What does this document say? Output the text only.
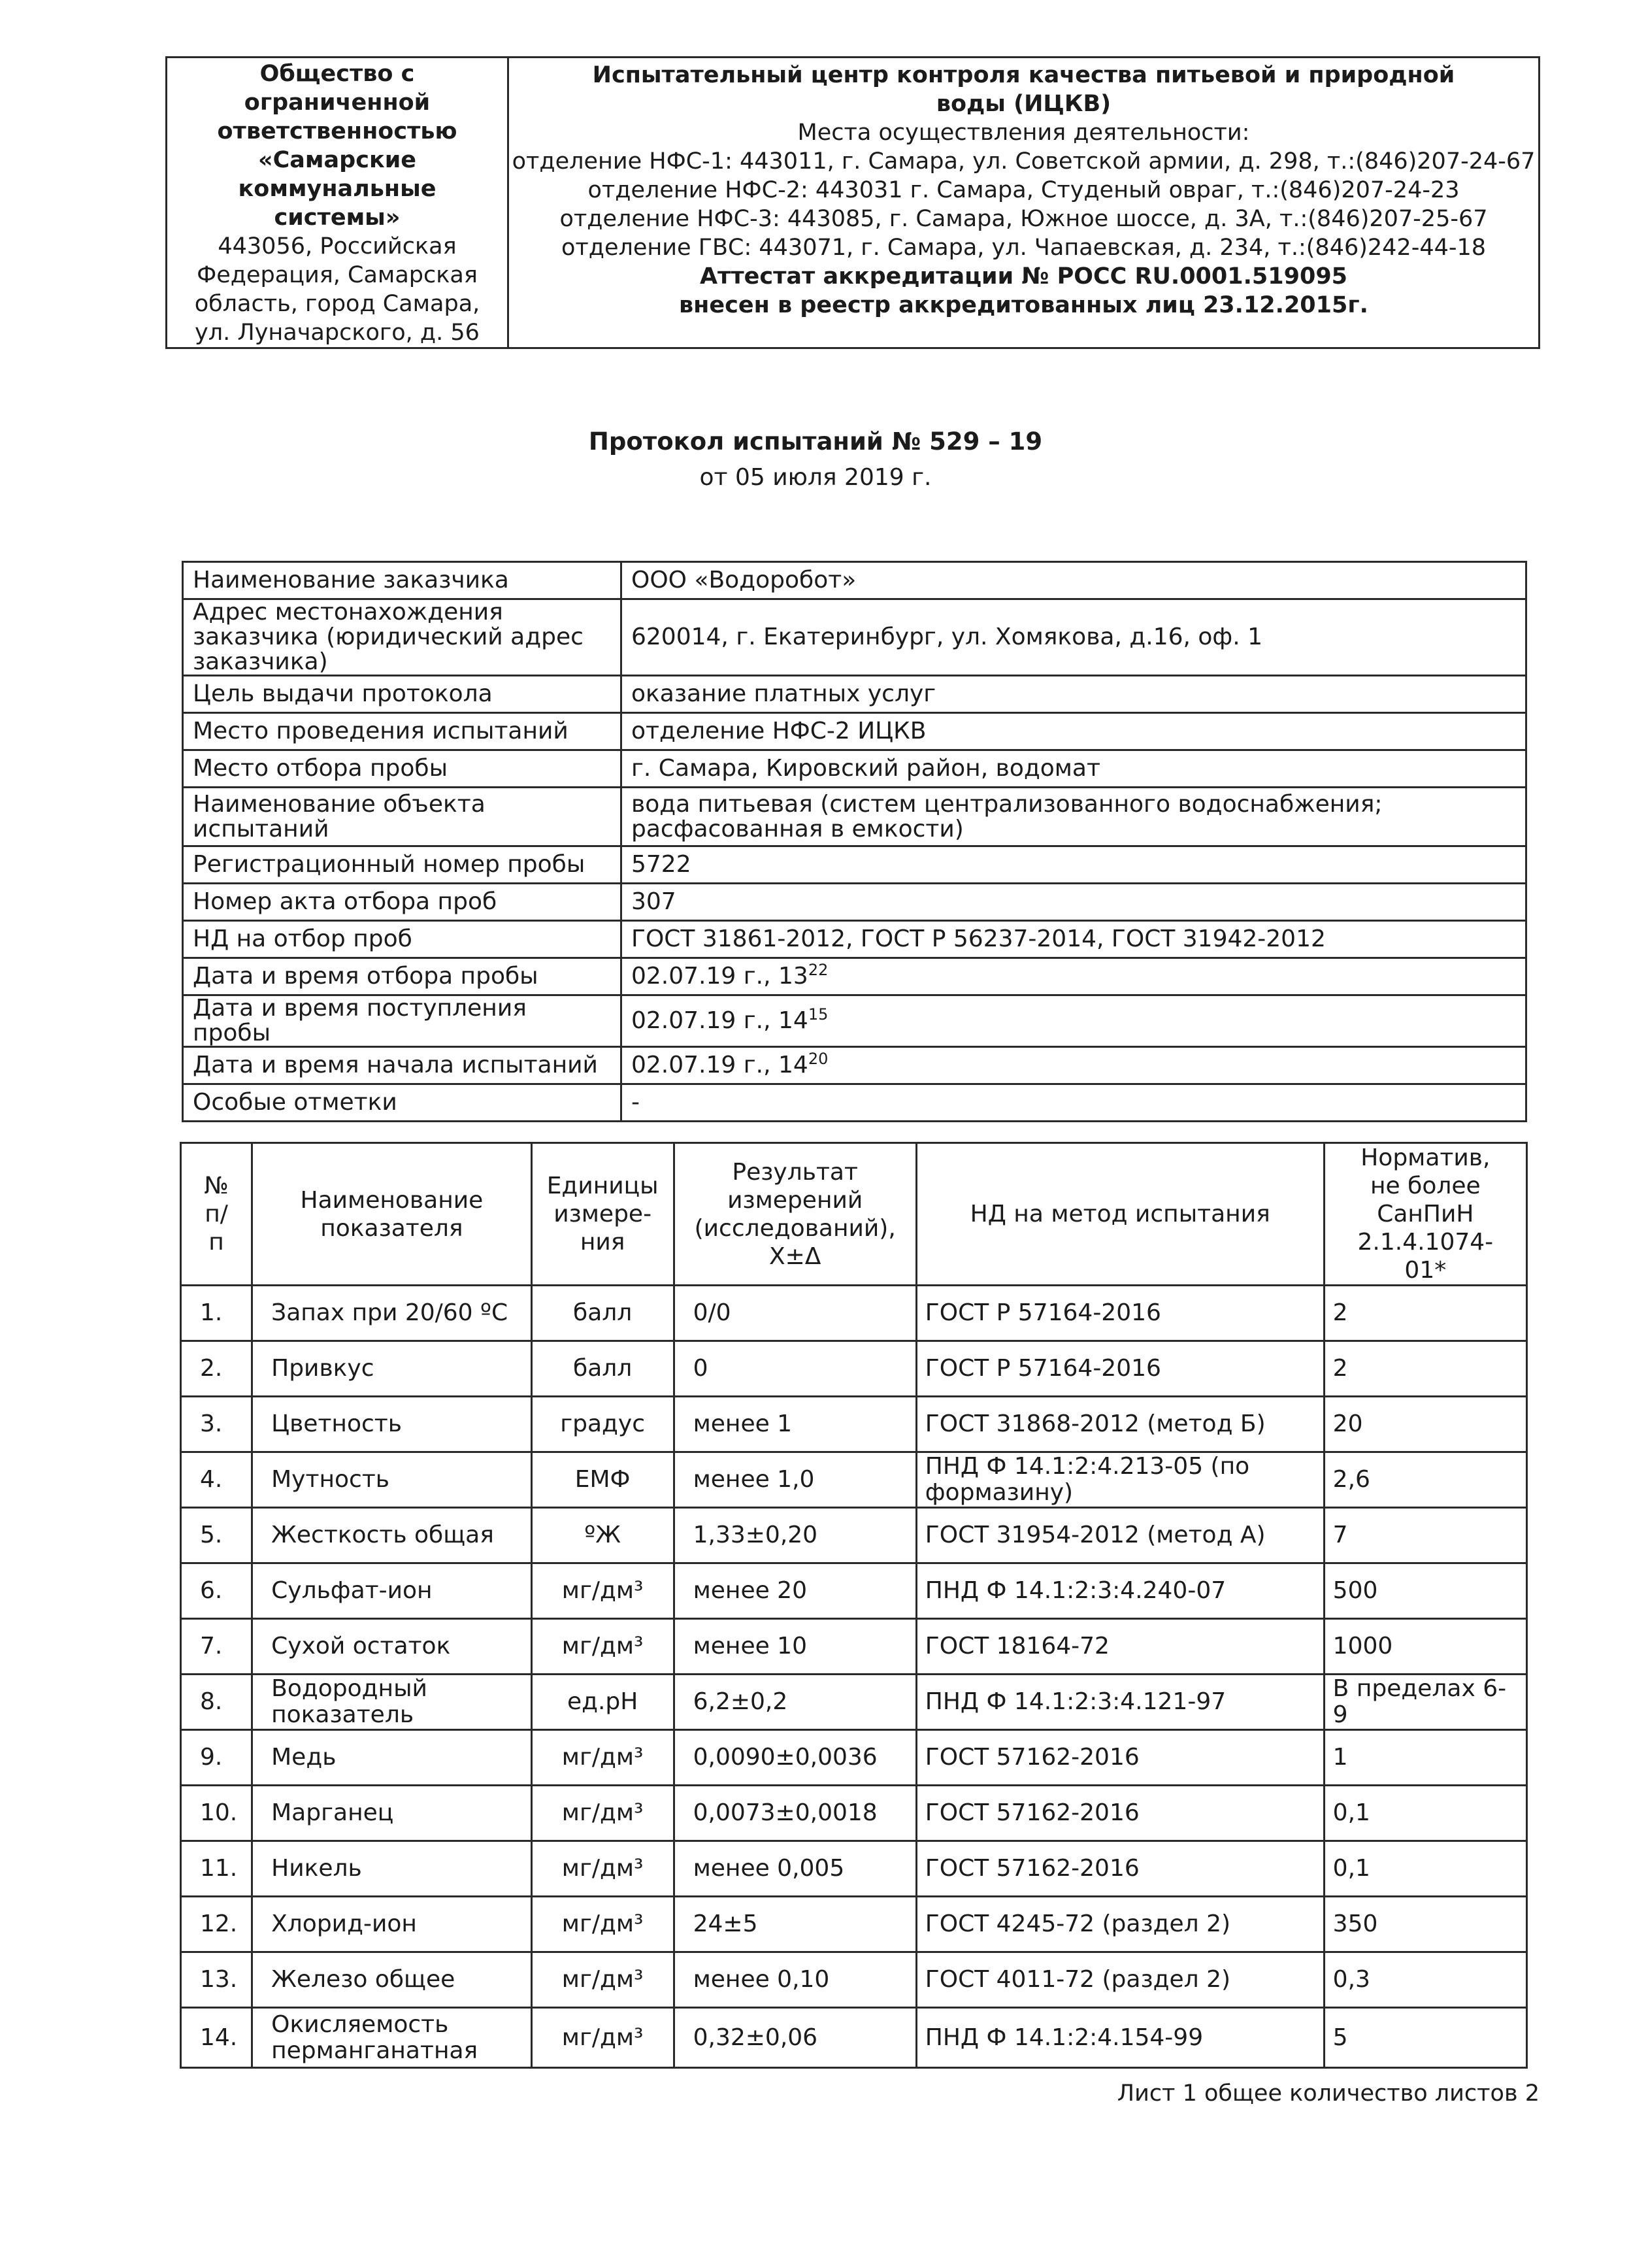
Общество с
ограниченной
ответственностью
«Самарские
коммунальные
системы»
443056, Российская
Федерация, Самарская
область, город Самара,
ул. Луначарского, д. 56

Испытательный центр контроля качества питьевой и природной
воды (ИЦКВ)
Места осуществления деятельности:
отделение НФС-1: 443011, г. Самара, ул. Советской армии, д. 298, т.:(846)207-24-67
отделение НФС-2: 443031 г. Самара, Студеный овраг, т.:(846)207-24-23
отделение НФС-3: 443085, г. Самара, Южное шоссе, д. 3А, т.:(846)207-25-67
отделение ГВС: 443071, г. Самара, ул. Чапаевская, д. 234, т.:(846)242-44-18
Аттестат аккредитации № РОСС RU.0001.519095
внесен в реестр аккредитованных лиц 23.12.2015г.
Протокол испытаний № 529 – 19
от 05 июля 2019 г.
Наименование заказчика	ООО «Водоробот»
Адрес местонахождения заказчика (юридический адрес заказчика)	620014, г. Екатеринбург, ул. Хомякова, д.16, оф. 1
Цель выдачи протокола	оказание платных услуг
Место проведения испытаний	отделение НФС-2 ИЦКВ
Место отбора пробы	г. Самара, Кировский район, водомат
Наименование объекта испытаний	вода питьевая (систем централизованного водоснабжения; расфасованная в емкости)
Регистрационный номер пробы	5722
Номер акта отбора проб	307
НД на отбор проб	ГОСТ 31861-2012, ГОСТ Р 56237-2014, ГОСТ 31942-2012
Дата и время отбора пробы	02.07.19 г., $13^{22}$
Дата и время поступления пробы	02.07.19 г., $14^{15}$
Дата и время начала испытаний	02.07.19 г., $14^{20}$
Особые отметки	-
№ п/п	Наименование показателя	Единицы измере-ния	Результат измерений (исследований), X±Δ	НД на метод испытания	Норматив, не более СанПиН 2.1.4.1074-01*
1.	Запах при 20/60 ºС	балл	0/0	ГОСТ Р 57164-2016	2
2.	Привкус	балл	0	ГОСТ Р 57164-2016	2
3.	Цветность	градус	менее 1	ГОСТ 31868-2012 (метод Б)	20
4.	Мутность	ЕМФ	менее 1,0	ПНД Ф 14.1:2:4.213-05 (по формазину)	2,6
5.	Жесткость общая	ºЖ	1,33±0,20	ГОСТ 31954-2012 (метод А)	7
6.	Сульфат-ион	мг/дм³	менее 20	ПНД Ф 14.1:2:3:4.240-07	500
7.	Сухой остаток	мг/дм³	менее 10	ГОСТ 18164-72	1000
8.	Водородный показатель	ед.pH	6,2±0,2	ПНД Ф 14.1:2:3:4.121-97	В пределах 6-9
9.	Медь	мг/дм³	0,0090±0,0036	ГОСТ 57162-2016	1
10.	Марганец	мг/дм³	0,0073±0,0018	ГОСТ 57162-2016	0,1
11.	Никель	мг/дм³	менее 0,005	ГОСТ 57162-2016	0,1
12.	Хлорид-ион	мг/дм³	24±5	ГОСТ 4245-72 (раздел 2)	350
13.	Железо общее	мг/дм³	менее 0,10	ГОСТ 4011-72 (раздел 2)	0,3
14.	Окисляемость перманганатная	мг/дм³	0,32±0,06	ПНД Ф 14.1:2:4.154-99	5
Лист 1 общее количество листов 2
